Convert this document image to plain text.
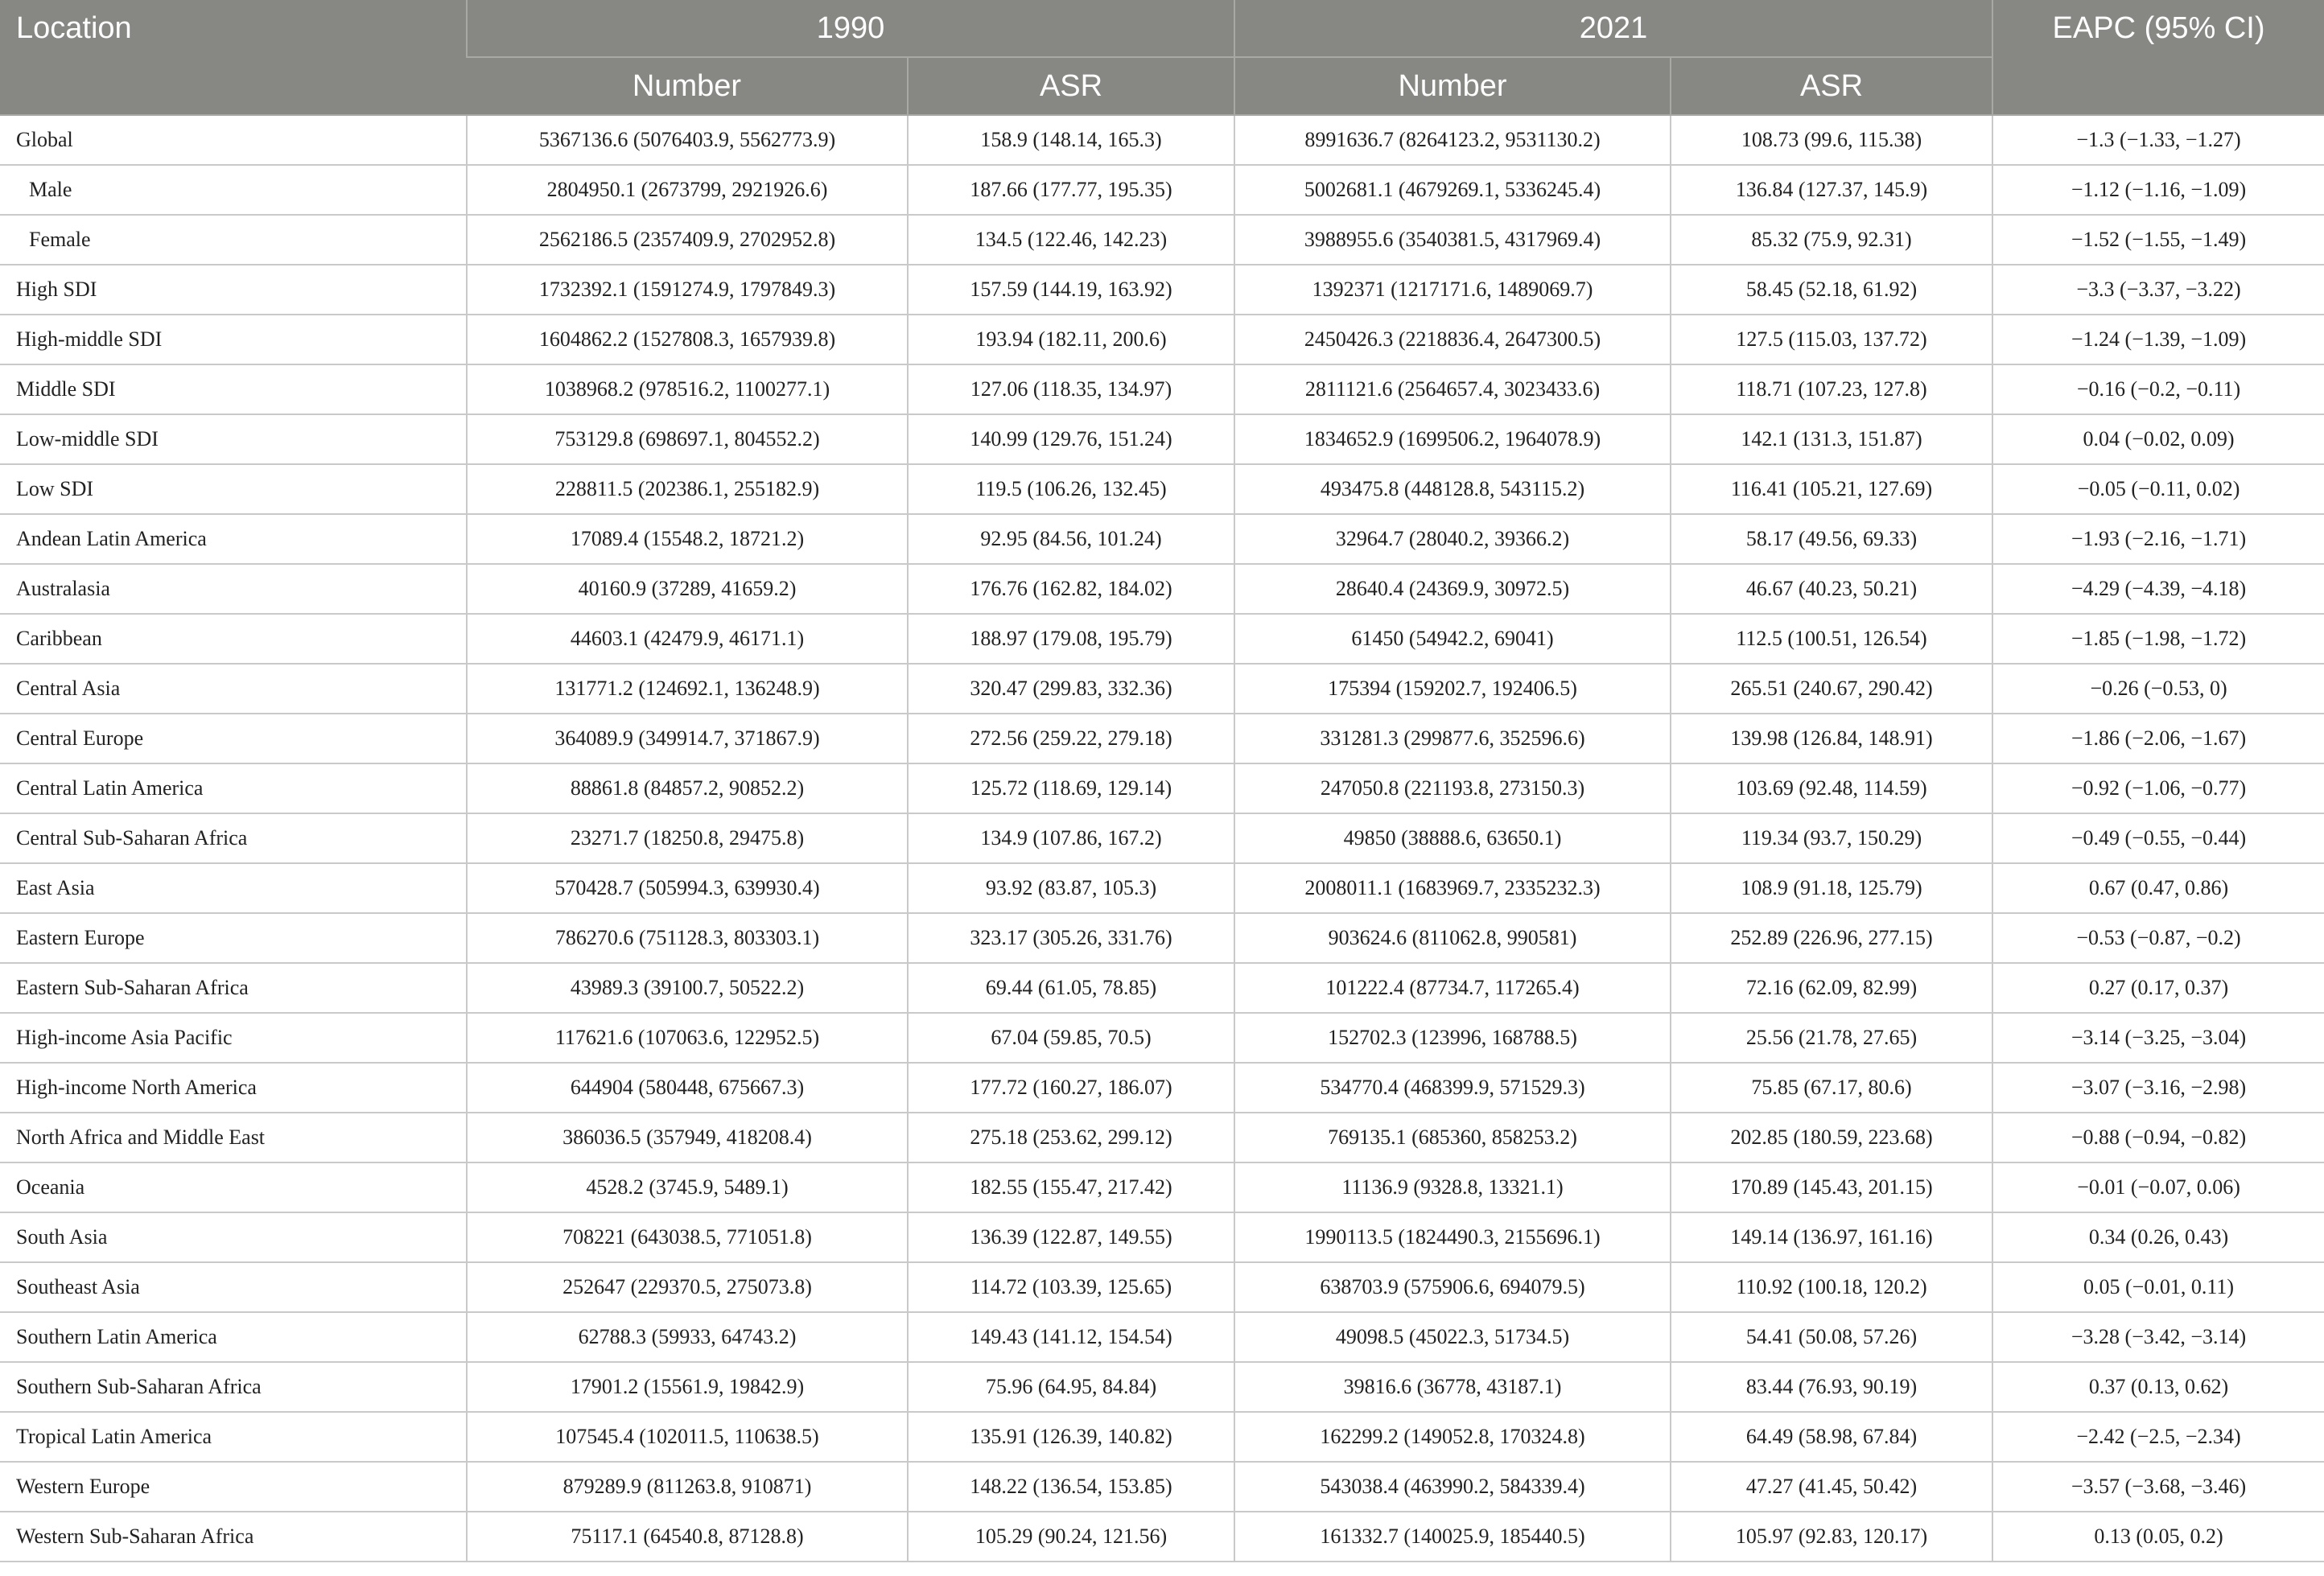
Location	1990		2021		EAPC (95% CI)
	Number	ASR	Number	ASR	
Global	5367136.6 (5076403.9, 5562773.9)	158.9 (148.14, 165.3)	8991636.7 (8264123.2, 9531130.2)	108.73 (99.6, 115.38)	−1.3 (−1.33, −1.27)
Male	2804950.1 (2673799, 2921926.6)	187.66 (177.77, 195.35)	5002681.1 (4679269.1, 5336245.4)	136.84 (127.37, 145.9)	−1.12 (−1.16, −1.09)
Female	2562186.5 (2357409.9, 2702952.8)	134.5 (122.46, 142.23)	3988955.6 (3540381.5, 4317969.4)	85.32 (75.9, 92.31)	−1.52 (−1.55, −1.49)
High SDI	1732392.1 (1591274.9, 1797849.3)	157.59 (144.19, 163.92)	1392371 (1217171.6, 1489069.7)	58.45 (52.18, 61.92)	−3.3 (−3.37, −3.22)
High-middle SDI	1604862.2 (1527808.3, 1657939.8)	193.94 (182.11, 200.6)	2450426.3 (2218836.4, 2647300.5)	127.5 (115.03, 137.72)	−1.24 (−1.39, −1.09)
Middle SDI	1038968.2 (978516.2, 1100277.1)	127.06 (118.35, 134.97)	2811121.6 (2564657.4, 3023433.6)	118.71 (107.23, 127.8)	−0.16 (−0.2, −0.11)
Low-middle SDI	753129.8 (698697.1, 804552.2)	140.99 (129.76, 151.24)	1834652.9 (1699506.2, 1964078.9)	142.1 (131.3, 151.87)	0.04 (−0.02, 0.09)
Low SDI	228811.5 (202386.1, 255182.9)	119.5 (106.26, 132.45)	493475.8 (448128.8, 543115.2)	116.41 (105.21, 127.69)	−0.05 (−0.11, 0.02)
Andean Latin America	17089.4 (15548.2, 18721.2)	92.95 (84.56, 101.24)	32964.7 (28040.2, 39366.2)	58.17 (49.56, 69.33)	−1.93 (−2.16, −1.71)
Australasia	40160.9 (37289, 41659.2)	176.76 (162.82, 184.02)	28640.4 (24369.9, 30972.5)	46.67 (40.23, 50.21)	−4.29 (−4.39, −4.18)
Caribbean	44603.1 (42479.9, 46171.1)	188.97 (179.08, 195.79)	61450 (54942.2, 69041)	112.5 (100.51, 126.54)	−1.85 (−1.98, −1.72)
Central Asia	131771.2 (124692.1, 136248.9)	320.47 (299.83, 332.36)	175394 (159202.7, 192406.5)	265.51 (240.67, 290.42)	−0.26 (−0.53, 0)
Central Europe	364089.9 (349914.7, 371867.9)	272.56 (259.22, 279.18)	331281.3 (299877.6, 352596.6)	139.98 (126.84, 148.91)	−1.86 (−2.06, −1.67)
Central Latin America	88861.8 (84857.2, 90852.2)	125.72 (118.69, 129.14)	247050.8 (221193.8, 273150.3)	103.69 (92.48, 114.59)	−0.92 (−1.06, −0.77)
Central Sub-Saharan Africa	23271.7 (18250.8, 29475.8)	134.9 (107.86, 167.2)	49850 (38888.6, 63650.1)	119.34 (93.7, 150.29)	−0.49 (−0.55, −0.44)
East Asia	570428.7 (505994.3, 639930.4)	93.92 (83.87, 105.3)	2008011.1 (1683969.7, 2335232.3)	108.9 (91.18, 125.79)	0.67 (0.47, 0.86)
Eastern Europe	786270.6 (751128.3, 803303.1)	323.17 (305.26, 331.76)	903624.6 (811062.8, 990581)	252.89 (226.96, 277.15)	−0.53 (−0.87, −0.2)
Eastern Sub-Saharan Africa	43989.3 (39100.7, 50522.2)	69.44 (61.05, 78.85)	101222.4 (87734.7, 117265.4)	72.16 (62.09, 82.99)	0.27 (0.17, 0.37)
High-income Asia Pacific	117621.6 (107063.6, 122952.5)	67.04 (59.85, 70.5)	152702.3 (123996, 168788.5)	25.56 (21.78, 27.65)	−3.14 (−3.25, −3.04)
High-income North America	644904 (580448, 675667.3)	177.72 (160.27, 186.07)	534770.4 (468399.9, 571529.3)	75.85 (67.17, 80.6)	−3.07 (−3.16, −2.98)
North Africa and Middle East	386036.5 (357949, 418208.4)	275.18 (253.62, 299.12)	769135.1 (685360, 858253.2)	202.85 (180.59, 223.68)	−0.88 (−0.94, −0.82)
Oceania	4528.2 (3745.9, 5489.1)	182.55 (155.47, 217.42)	11136.9 (9328.8, 13321.1)	170.89 (145.43, 201.15)	−0.01 (−0.07, 0.06)
South Asia	708221 (643038.5, 771051.8)	136.39 (122.87, 149.55)	1990113.5 (1824490.3, 2155696.1)	149.14 (136.97, 161.16)	0.34 (0.26, 0.43)
Southeast Asia	252647 (229370.5, 275073.8)	114.72 (103.39, 125.65)	638703.9 (575906.6, 694079.5)	110.92 (100.18, 120.2)	0.05 (−0.01, 0.11)
Southern Latin America	62788.3 (59933, 64743.2)	149.43 (141.12, 154.54)	49098.5 (45022.3, 51734.5)	54.41 (50.08, 57.26)	−3.28 (−3.42, −3.14)
Southern Sub-Saharan Africa	17901.2 (15561.9, 19842.9)	75.96 (64.95, 84.84)	39816.6 (36778, 43187.1)	83.44 (76.93, 90.19)	0.37 (0.13, 0.62)
Tropical Latin America	107545.4 (102011.5, 110638.5)	135.91 (126.39, 140.82)	162299.2 (149052.8, 170324.8)	64.49 (58.98, 67.84)	−2.42 (−2.5, −2.34)
Western Europe	879289.9 (811263.8, 910871)	148.22 (136.54, 153.85)	543038.4 (463990.2, 584339.4)	47.27 (41.45, 50.42)	−3.57 (−3.68, −3.46)
Western Sub-Saharan Africa	75117.1 (64540.8, 87128.8)	105.29 (90.24, 121.56)	161332.7 (140025.9, 185440.5)	105.97 (92.83, 120.17)	0.13 (0.05, 0.2)
